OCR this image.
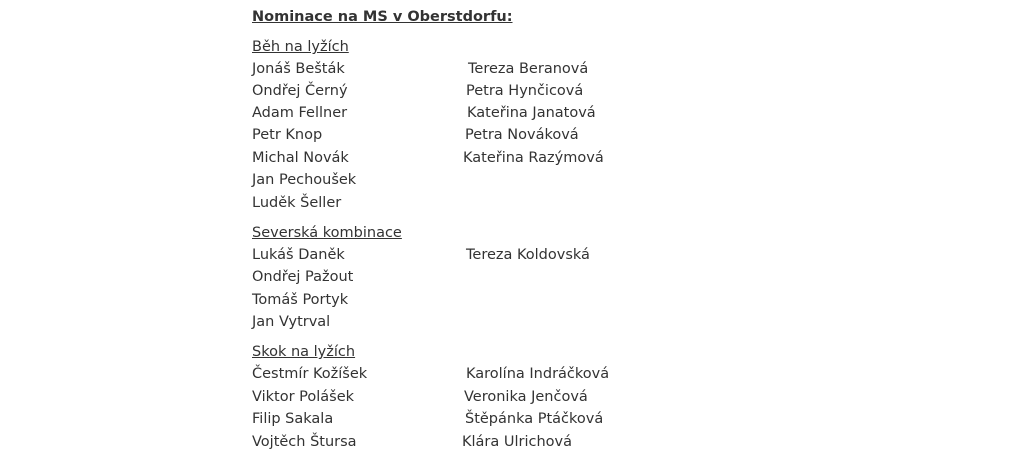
Nominace na MS v Oberstdorfu:

Běh na lyžích

Jonáš Bešták	Tereza Beranová

Ondřej Černý	Petra Hynčicová

Adam Fellner	Kateřina Janatová

Petr Knop	Petra Nováková

Michal Novák	Kateřina Razýmová

Jan Pechoušek

Luděk Šeller

Severská kombinace

Lukáš Daněk	Tereza Koldovská

Ondřej Pažout

Tomáš Portyk

Jan Vytrval

Skok na lyžích

Čestmír Kožíšek	Karolína Indráčková

Viktor Polášek	Veronika Jenčová

Filip Sakala	Štěpánka Ptáčková

Vojtěch Štursa	Klára Ulrichová
